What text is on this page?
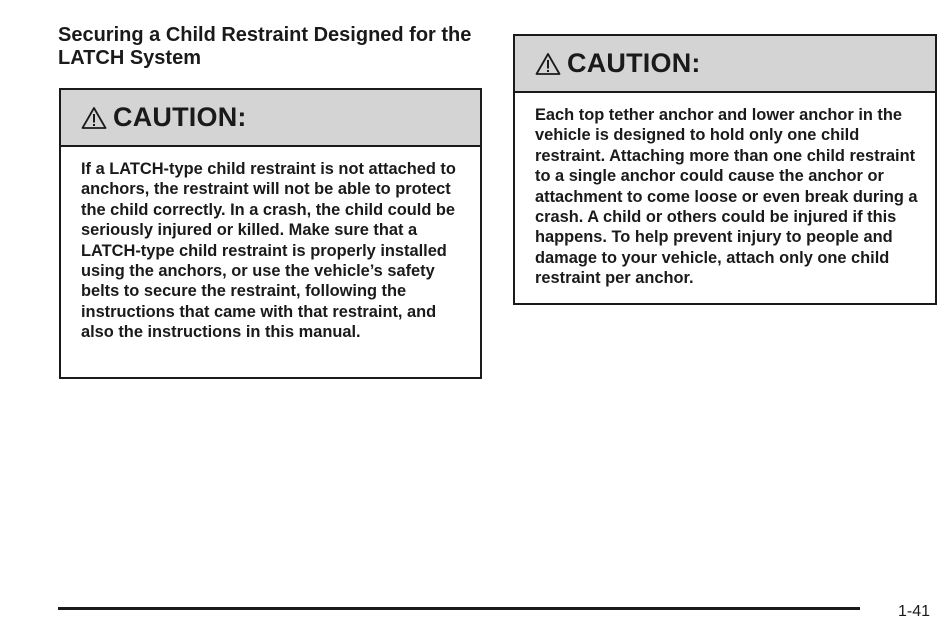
Securing a Child Restraint Designed for the LATCH System
CAUTION:

If a LATCH-type child restraint is not attached to anchors, the restraint will not be able to protect the child correctly. In a crash, the child could be seriously injured or killed. Make sure that a LATCH-type child restraint is properly installed using the anchors, or use the vehicle’s safety belts to secure the restraint, following the instructions that came with that restraint, and also the instructions in this manual.

CAUTION:

Each top tether anchor and lower anchor in the vehicle is designed to hold only one child restraint. Attaching more than one child restraint to a single anchor could cause the anchor or attachment to come loose or even break during a crash. A child or others could be injured if this happens. To help prevent injury to people and damage to your vehicle, attach only one child restraint per anchor.

1-41
